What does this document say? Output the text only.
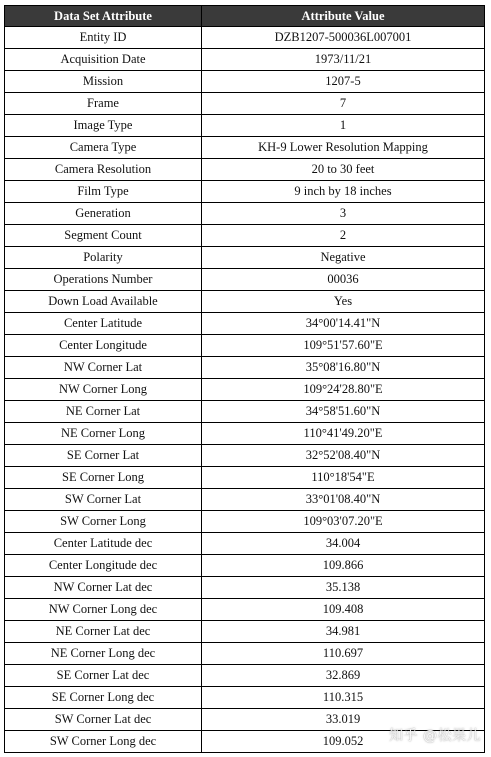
Data Set Attribute	Attribute Value
Entity ID	DZB1207-500036L007001
Acquisition Date	1973/11/21
Mission	1207-5
Frame	7
Image Type	1
Camera Type	KH-9 Lower Resolution Mapping
Camera Resolution	20 to 30 feet
Film Type	9 inch by 18 inches
Generation	3
Segment Count	2
Polarity	Negative
Operations Number	00036
Down Load Available	Yes
Center Latitude	34°00'14.41"N
Center Longitude	109°51'57.60"E
NW Corner Lat	35°08'16.80"N
NW Corner Long	109°24'28.80"E
NE Corner Lat	34°58'51.60"N
NE Corner Long	110°41'49.20"E
SE Corner Lat	32°52'08.40"N
SE Corner Long	110°18'54"E
SW Corner Lat	33°01'08.40"N
SW Corner Long	109°03'07.20"E
Center Latitude dec	34.004
Center Longitude dec	109.866
NW Corner Lat dec	35.138
NW Corner Long dec	109.408
NE Corner Lat dec	34.981
NE Corner Long dec	110.697
SE Corner Lat dec	32.869
SE Corner Long dec	110.315
SW Corner Lat dec	33.019
SW Corner Long dec	109.052 知乎 @松果儿
